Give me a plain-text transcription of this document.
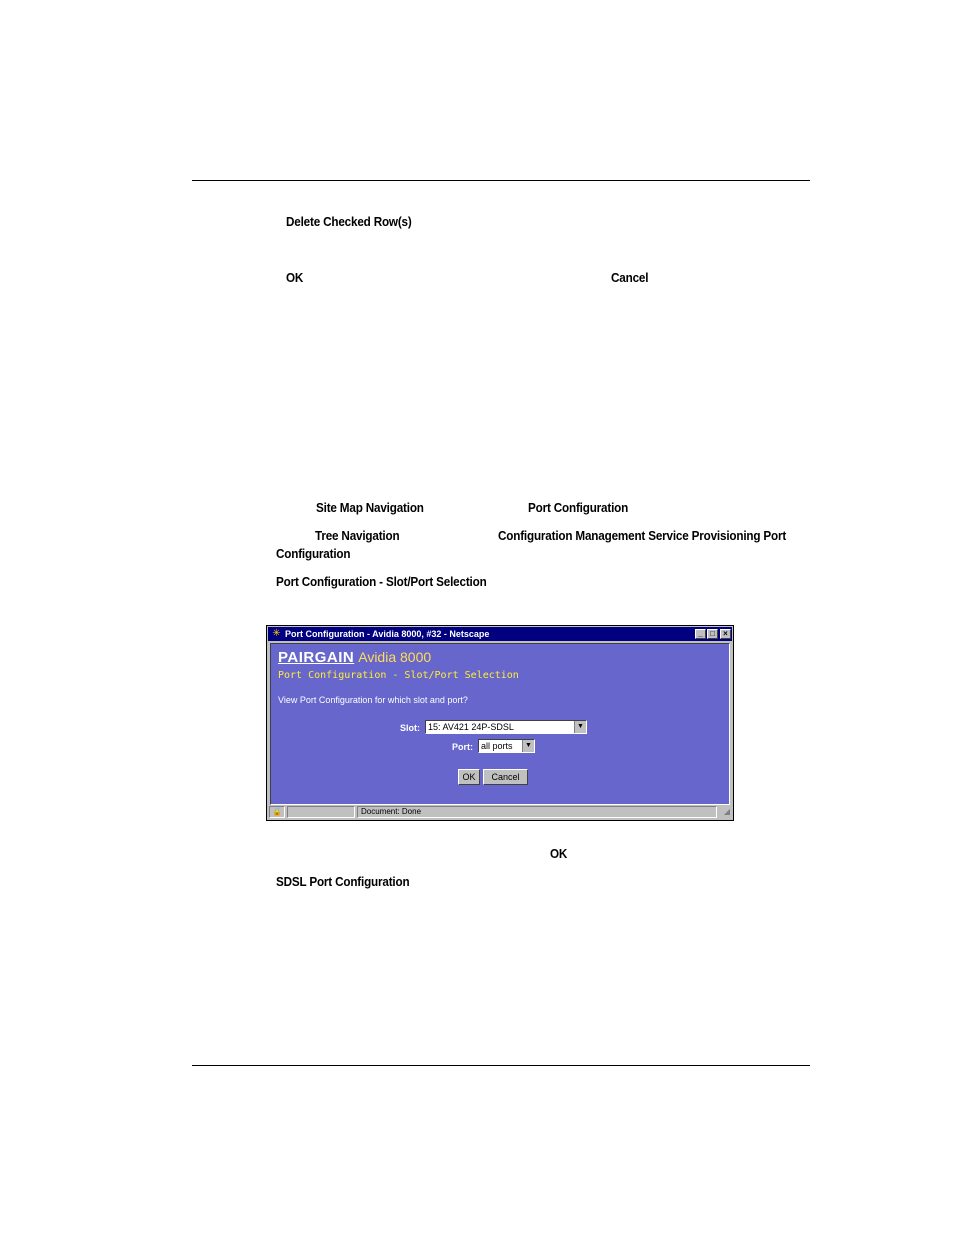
Delete Checked Row(s)
OK	Cancel
Site Map Navigation	Port Configuration
Tree Navigation	Configuration Management Service Provisioning Port
Configuration
Port Configuration - Slot/Port Selection
✳ Port Configuration - Avidia 8000, #32 - Netscape	_ □	×
PAIRGAIN Avidia 8000
Port Configuration - Slot/Port Selection
View Port Configuration for which slot and port?
Slot: 15: AV421 24P-SDSL	▼
Port: all ports	▼
OK	Cancel
🔒	Document: Done	◢
OK
SDSL Port Configuration
